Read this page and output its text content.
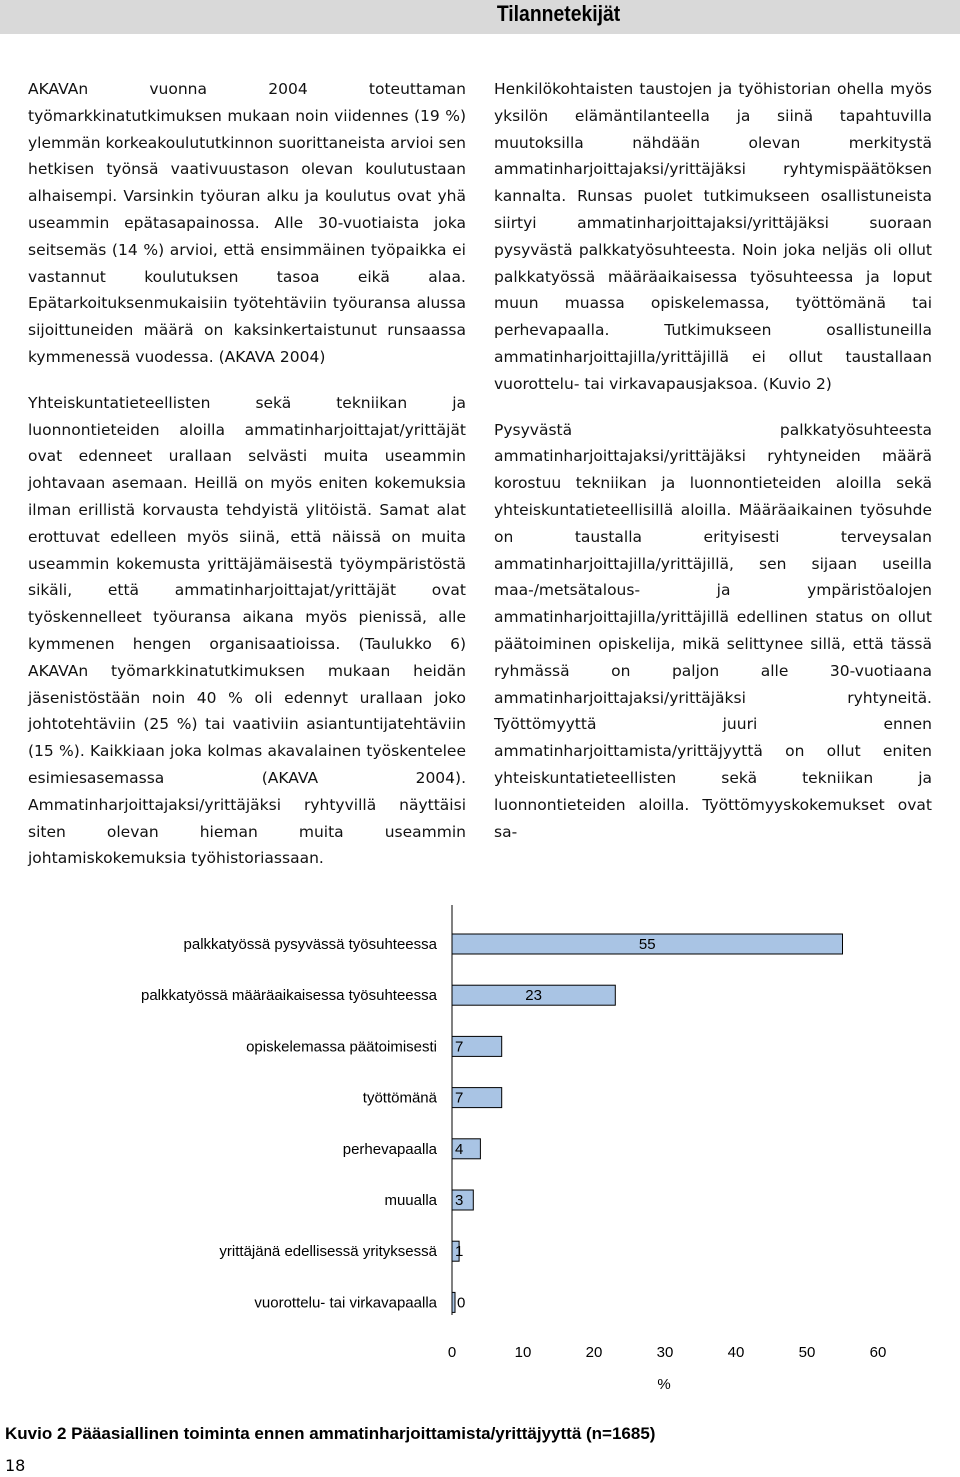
Tilannetekijät

AKAVAn vuonna 2004 toteuttaman työmarkkinatutkimuksen mukaan noin viidennes (19 %) ylemmän korkeakoulututkinnon suorittaneista arvioi sen hetkisen työnsä vaativuustason olevan koulutustaan alhaisempi. Varsinkin työuran alku ja koulutus ovat yhä useammin epätasapainossa. Alle 30-vuotiaista joka seitsemäs (14 %) arvioi, että ensimmäinen työpaikka ei vastannut koulutuksen tasoa eikä alaa. Epätarkoituksenmukaisiin työtehtäviin työuransa alussa sijoittuneiden määrä on kaksinkertaistunut runsaassa kymmenessä vuodessa. (AKAVA 2004)

Yhteiskuntatieteellisten sekä tekniikan ja luonnontieteiden aloilla ammatinharjoittajat/yrittäjät ovat edenneet urallaan selvästi muita useammin johtavaan asemaan. Heillä on myös eniten kokemuksia ilman erillistä korvausta tehdyistä ylitöistä. Samat alat erottuvat edelleen myös siinä, että näissä on muita useammin kokemusta yrittäjämäisestä työympäristöstä sikäli, että ammatinharjoittajat/yrittäjät ovat työskennelleet työuransa aikana myös pienissä, alle kymmenen hengen organisaatioissa. (Taulukko 6) AKAVAn työmarkkinatutkimuksen mukaan heidän jäsenistöstään noin 40 % oli edennyt urallaan joko johtotehtäviin (25 %) tai vaativiin asiantuntijatehtäviin (15 %). Kaikkiaan joka kolmas akavalainen työskentelee esimiesasemassa (AKAVA 2004). Ammatinharjoittajaksi/yrittäjäksi ryhtyvillä näyttäisi siten olevan hieman muita useammin johtamiskokemuksia työhistoriassaan.

Henkilökohtaisten taustojen ja työhistorian ohella myös yksilön elämäntilanteella ja siinä tapahtuvilla muutoksilla nähdään olevan merkitystä ammatinharjoittajaksi/yrittäjäksi ryhtymispäätöksen kannalta. Runsas puolet tutkimukseen osallistuneista siirtyi ammatinharjoittajaksi/yrittäjäksi suoraan pysyvästä palkkatyösuhteesta. Noin joka neljäs oli ollut palkkatyössä määräaikaisessa työsuhteessa ja loput muun muassa opiskelemassa, työttömänä tai perhevapaalla. Tutkimukseen osallistuneilla ammatinharjoittajilla/yrittäjillä ei ollut taustallaan vuorottelu- tai virkavapausjaksoa. (Kuvio 2)

Pysyvästä palkkatyösuhteesta ammatinharjoittajaksi/yrittäjäksi ryhtyneiden määrä korostuu tekniikan ja luonnontieteiden aloilla sekä yhteiskuntatieteellisillä aloilla. Määräaikainen työsuhde on taustalla erityisesti terveysalan ammatinharjoittajilla/yrittäjillä, sen sijaan useilla maa-/metsätalous- ja ympäristöalojen ammatinharjoittajilla/yrittäjillä edellinen status on ollut päätoiminen opiskelija, mikä selittynee sillä, että tässä ryhmässä on paljon alle 30-vuotiaana ammatinharjoittajaksi/yrittäjäksi ryhtyneitä. Työttömyyttä juuri ennen ammatinharjoittamista/yrittäjyyttä on ollut eniten yhteiskuntatieteellisten sekä tekniikan ja luonnontieteiden aloilla. Työttömyyskokemukset ovat sa-

palkkatyössä pysyvässä työsuhteessa	55
palkkatyössä määräaikaisessa työsuhteessa	23
opiskelemassa päätoimisesti 7
työttömänä 7
perhevapaalla 4
muualla 3
yrittäjänä edellisessä yrityksessä 1
vuorottelu- tai virkavapaalla 0
0	10	20	30	40	50	60
%
Kuvio 2 Pääasiallinen toiminta ennen ammatinharjoittamista/yrittäjyyttä (n=1685)
18
